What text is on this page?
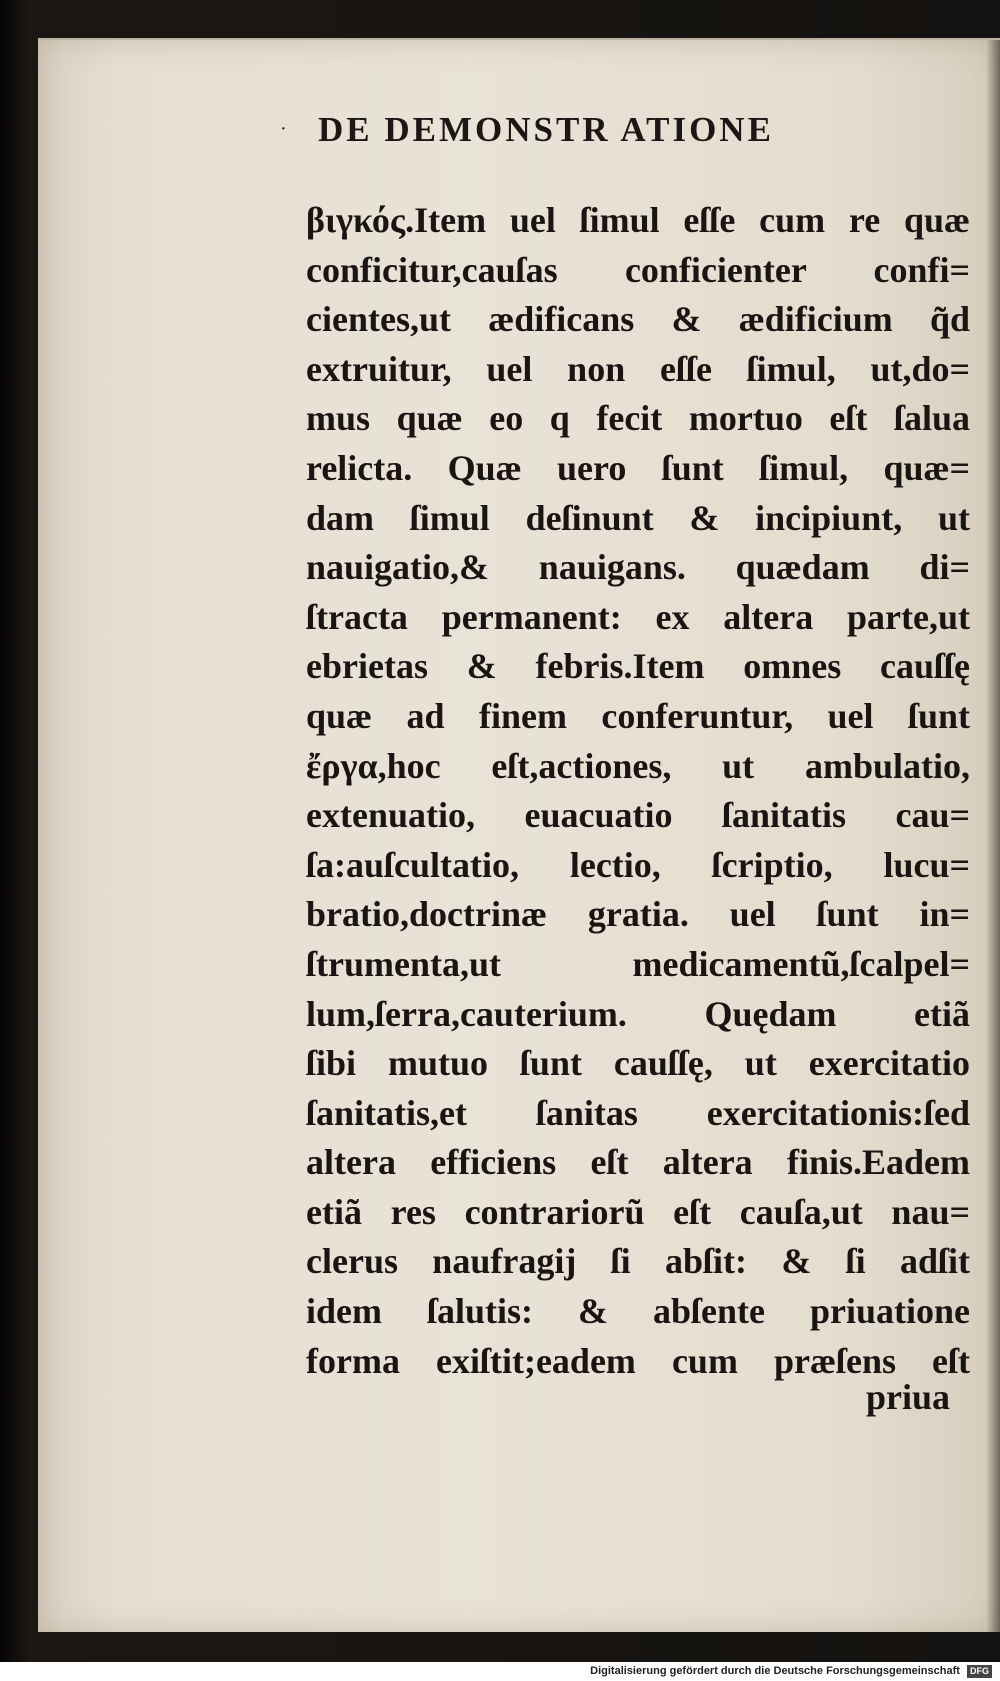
· DE DEMONSTR ATIONE
βιγκός.Item uel ſimul eſſe cum re quæ
conficitur,cauſas conficienter confi=
cientes,ut ædificans & ædificium q͂d
extruitur, uel non eſſe ſimul, ut,do=
mus quæ eo q fecit mortuo eſt ſalua
relicta. Quæ uero ſunt ſimul, quæ=
dam ſimul deſinunt & incipiunt, ut
nauigatio,& nauigans. quædam di=
ſtracta permanent: ex altera parte,ut
ebrietas & febris.Item omnes cauſſę
quæ ad finem conferuntur, uel ſunt
ἔργα,hoc eſt,actiones, ut ambulatio,
extenuatio, euacuatio ſanitatis cau=
ſa:auſcultatio, lectio, ſcriptio, lucu=
bratio,doctrinæ gratia. uel ſunt in=
ſtrumenta,ut medicamentũ,ſcalpel=
lum,ſerra,cauterium. Quędam etiã
ſibi mutuo ſunt cauſſę, ut exercitatio
ſanitatis,et ſanitas exercitationis:ſed
altera efficiens eſt altera finis.Eadem
etiã res contrariorũ eſt cauſa,ut nau=
clerus naufragij ſi abſit: & ſi adſit
idem ſalutis: & abſente priuatione
forma exiſtit;eadem cum præſens eſt
priua
Digitalisierung gefördert durch die Deutsche Forschungsgemeinschaft DFG
